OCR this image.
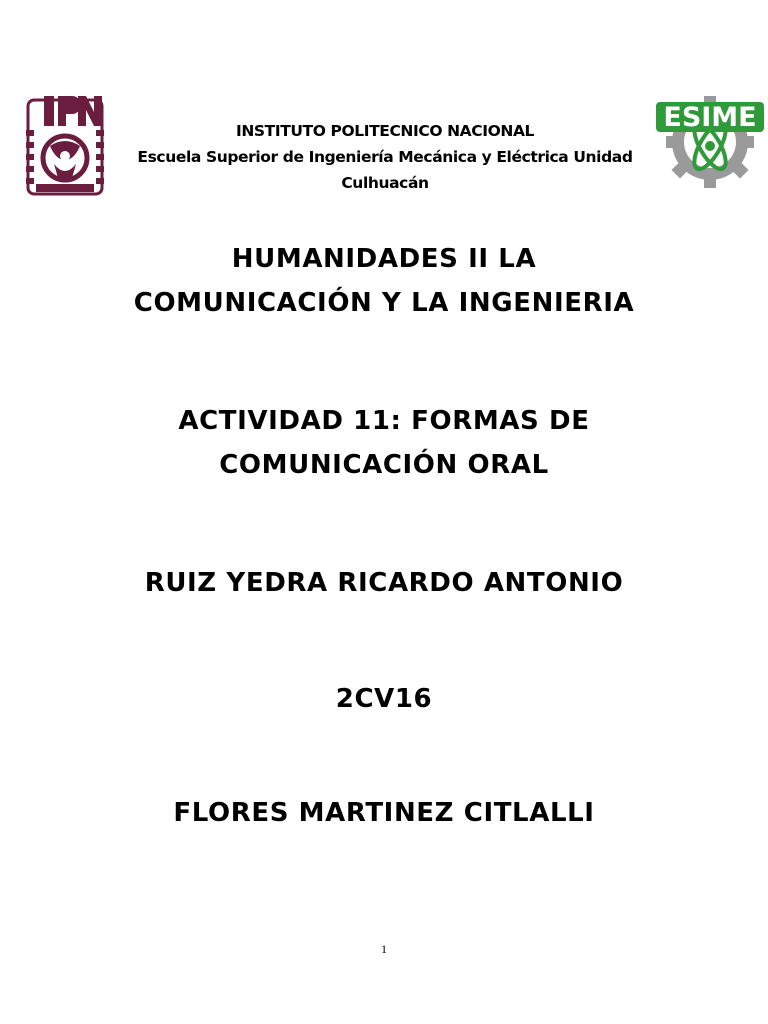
ESIME
INSTITUTO POLITECNICO NACIONAL
Escuela Superior de Ingeniería Mecánica y Eléctrica Unidad
Culhuacán
HUMANIDADES II LA
COMUNICACIÓN Y LA INGENIERIA
ACTIVIDAD 11: FORMAS DE
COMUNICACIÓN ORAL
RUIZ YEDRA RICARDO ANTONIO
2CV16
FLORES MARTINEZ CITLALLI
1
